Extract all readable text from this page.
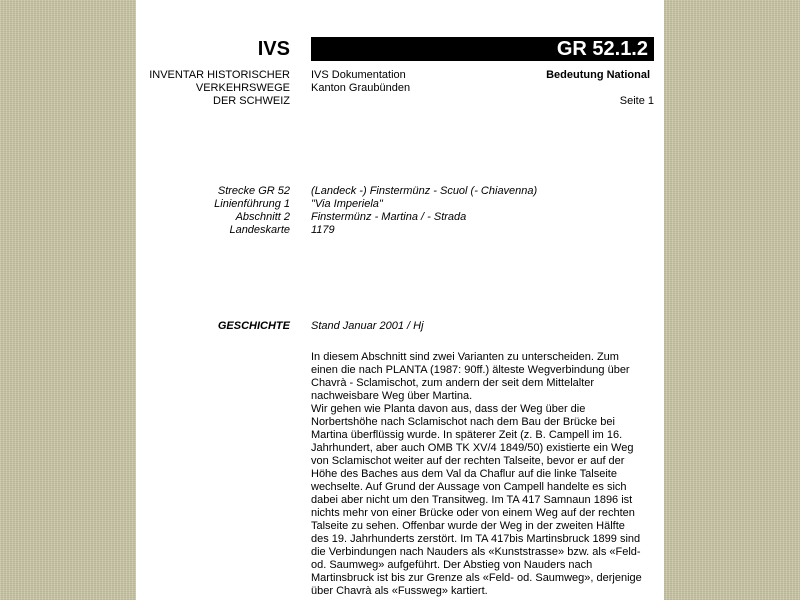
IVS	GR 52.1.2
INVENTAR HISTORISCHER
VERKEHRSWEGE
DER SCHWEIZ
IVS Dokumentation
Kanton Graubünden
Bedeutung National
Seite 1
Strecke GR 52
Linienführung 1
Abschnitt 2
Landeskarte
(Landeck -) Finstermünz - Scuol (- Chiavenna)
"Via Imperiela"
Finstermünz - Martina / - Strada
1179
GESCHICHTE Stand Januar 2001 / Hj
In diesem Abschnitt sind zwei Varianten zu unterscheiden. Zum
einen die nach PLANTA (1987: 90ff.) älteste Wegverbindung über
Chavrà - Sclamischot, zum andern der seit dem Mittelalter
nachweisbare Weg über Martina.
Wir gehen wie Planta davon aus, dass der Weg über die
Norbertshöhe nach Sclamischot nach dem Bau der Brücke bei
Martina überflüssig wurde. In späterer Zeit (z. B. Campell im 16.
Jahrhundert, aber auch OMB TK XV/4 1849/50) existierte ein Weg
von Sclamischot weiter auf der rechten Talseite, bevor er auf der
Höhe des Baches aus dem Val da Chaflur auf die linke Talseite
wechselte. Auf Grund der Aussage von Campell handelte es sich
dabei aber nicht um den Transitweg. Im TA 417 Samnaun 1896 ist
nichts mehr von einer Brücke oder von einem Weg auf der rechten
Talseite zu sehen. Offenbar wurde der Weg in der zweiten Hälfte
des 19. Jahrhunderts zerstört. Im TA 417bis Martinsbruck 1899 sind
die Verbindungen nach Nauders als «Kunststrasse» bzw. als «Feld-
od. Saumweg» aufgeführt. Der Abstieg von Nauders nach
Martinsbruck ist bis zur Grenze als «Feld- od. Saumweg», derjenige
über Chavrà als «Fussweg» kartiert.
